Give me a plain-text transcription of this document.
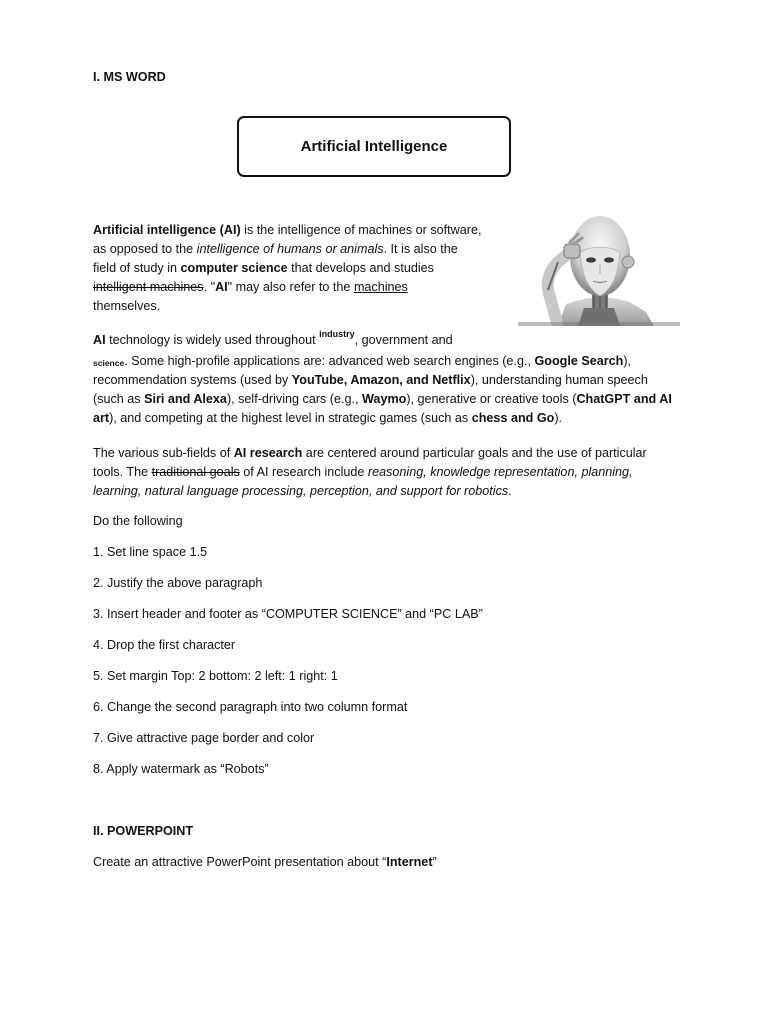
I. MS WORD
Artificial Intelligence

Artificial intelligence (AI) is the intelligence of machines or software,

as opposed to the intelligence of humans or animals. It is also the

field of study in computer science that develops and studies

intelligent machines. "AI" may also refer to the machines

themselves.

AI technology is widely used throughout $^{industry}$, government and

$_{science}$. Some high-profile applications are: advanced web search engines (e.g., Google Search),

recommendation systems (used by YouTube, Amazon, and Netflix), understanding human speech

(such as Siri and Alexa), self-driving cars (e.g., Waymo), generative or creative tools (ChatGPT and AI

art), and competing at the highest level in strategic games (such as chess and Go).

The various sub-fields of AI research are centered around particular goals and the use of particular

tools. The traditional goals of AI research include reasoning, knowledge representation, planning,

learning, natural language processing, perception, and support for robotics.

Do the following
1. Set line space 1.5
2. Justify the above paragraph
3. Insert header and footer as “COMPUTER SCIENCE” and “PC LAB”
4. Drop the first character
5. Set margin Top: 2 bottom: 2 left: 1 right: 1
6. Change the second paragraph into two column format
7. Give attractive page border and color
8. Apply watermark as “Robots”
II. POWERPOINT
Create an attractive PowerPoint presentation about “Internet”
